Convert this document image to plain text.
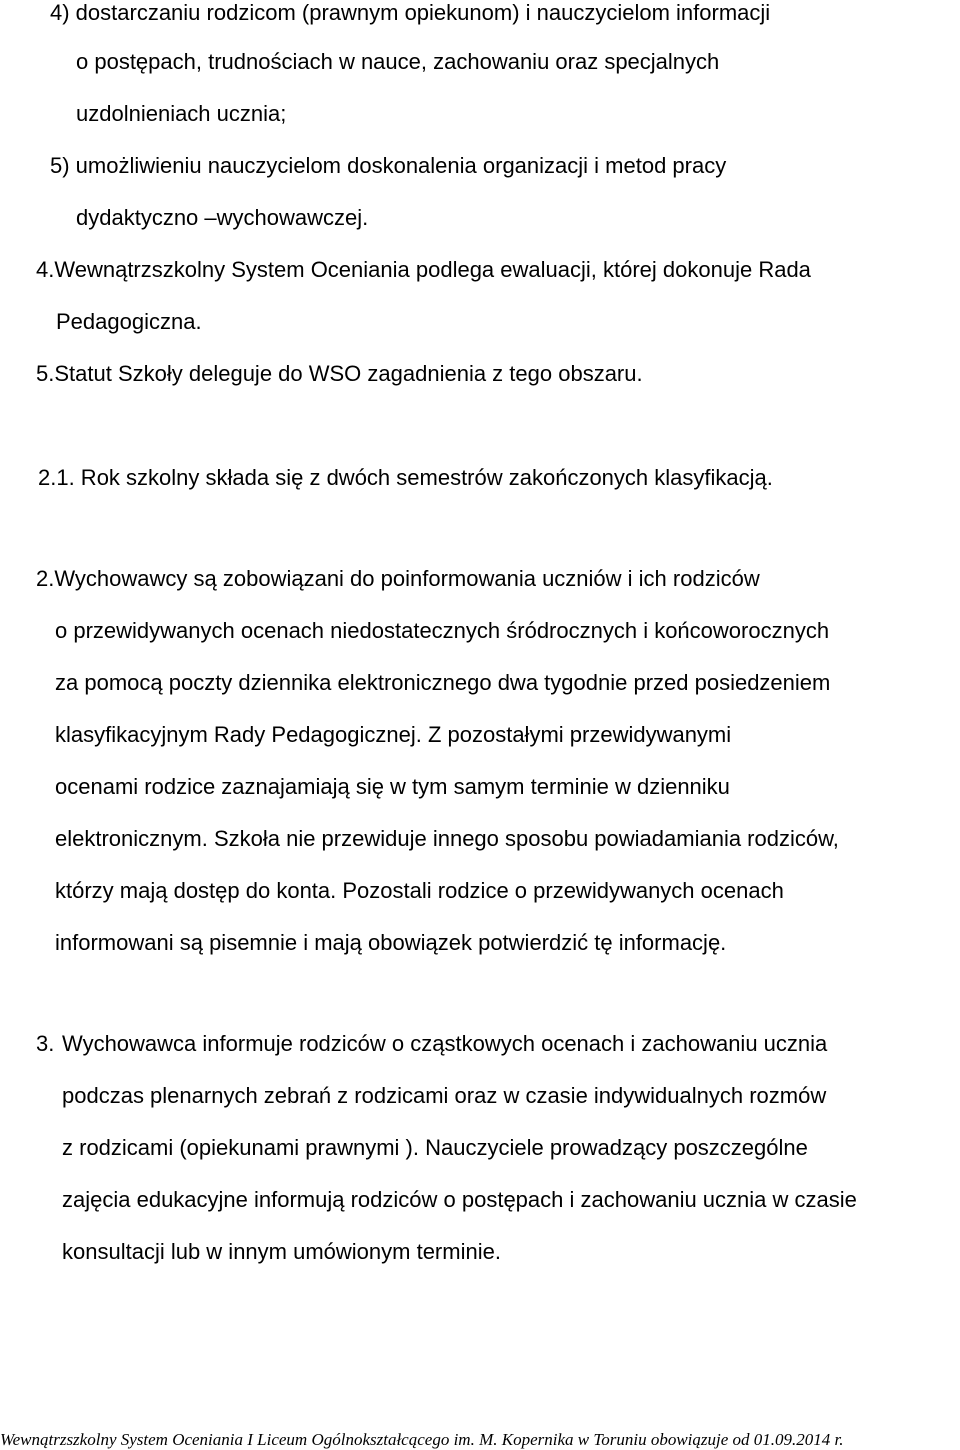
4) dostarczaniu rodzicom (prawnym opiekunom) i nauczycielom informacji

o postępach, trudnościach w nauce, zachowaniu oraz specjalnych

uzdolnieniach ucznia;

5) umożliwieniu nauczycielom doskonalenia organizacji i metod pracy

dydaktyczno –wychowawczej.

4.Wewnątrzszkolny System Oceniania podlega ewaluacji, której dokonuje Rada

Pedagogiczna.

5.Statut Szkoły deleguje do WSO zagadnienia z tego obszaru.

2.1. Rok szkolny składa się z dwóch semestrów zakończonych klasyfikacją.

2.Wychowawcy są zobowiązani do poinformowania uczniów i ich rodziców

o przewidywanych ocenach niedostatecznych śródrocznych i końcoworocznych

za pomocą poczty dziennika elektronicznego dwa tygodnie przed posiedzeniem

klasyfikacyjnym Rady Pedagogicznej. Z pozostałymi przewidywanymi

ocenami rodzice zaznajamiają się w tym samym terminie w dzienniku

elektronicznym. Szkoła nie przewiduje innego sposobu powiadamiania rodziców,

którzy mają dostęp do konta. Pozostali rodzice o przewidywanych ocenach

informowani są pisemnie i mają obowiązek potwierdzić tę informację.

3. Wychowawca informuje rodziców o cząstkowych ocenach i zachowaniu ucznia

podczas plenarnych zebrań z rodzicami oraz w czasie indywidualnych rozmów

z rodzicami (opiekunami prawnymi ). Nauczyciele prowadzący poszczególne

zajęcia edukacyjne informują rodziców o postępach i zachowaniu ucznia w czasie

konsultacji lub w innym umówionym terminie.

Wewnątrzszkolny System Oceniania I Liceum Ogólnokształcącego im. M. Kopernika w Toruniu obowiązuje od 01.09.2014 r.
